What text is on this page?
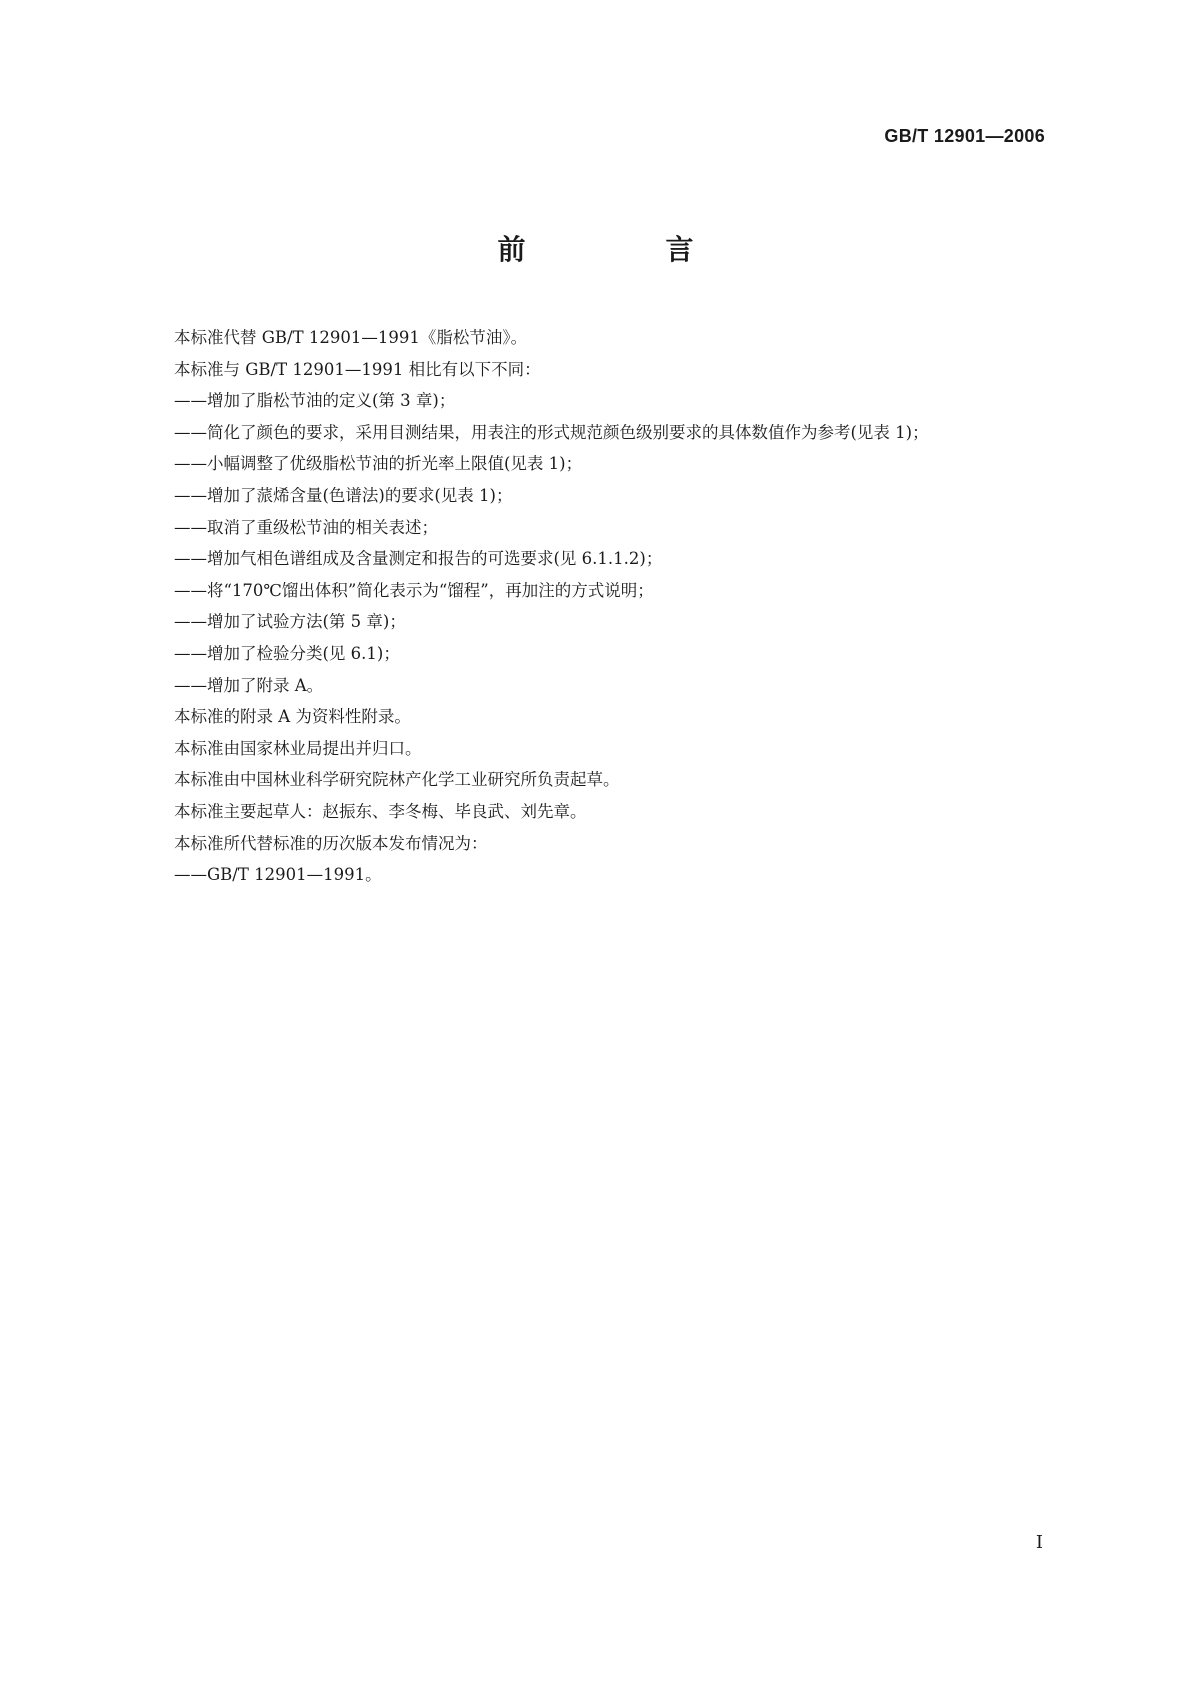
GB/T 12901—2006
前　言

本标准代替 GB/T 12901—1991《脂松节油》。

本标准与 GB/T 12901—1991 相比有以下不同：

——增加了脂松节油的定义(第 3 章)；

——简化了颜色的要求，采用目测结果，用表注的形式规范颜色级别要求的具体数值作为参考(见表 1)；

——小幅调整了优级脂松节油的折光率上限值(见表 1)；

——增加了蒎烯含量(色谱法)的要求(见表 1)；

——取消了重级松节油的相关表述；

——增加气相色谱组成及含量测定和报告的可选要求(见 6.1.1.2)；

——将“170℃馏出体积”简化表示为“馏程”，再加注的方式说明；

——增加了试验方法(第 5 章)；

——增加了检验分类(见 6.1)；

——增加了附录 A。

本标准的附录 A 为资料性附录。

本标准由国家林业局提出并归口。

本标准由中国林业科学研究院林产化学工业研究所负责起草。

本标准主要起草人：赵振东、李冬梅、毕良武、刘先章。

本标准所代替标准的历次版本发布情况为：

——GB/T 12901—1991。

I
